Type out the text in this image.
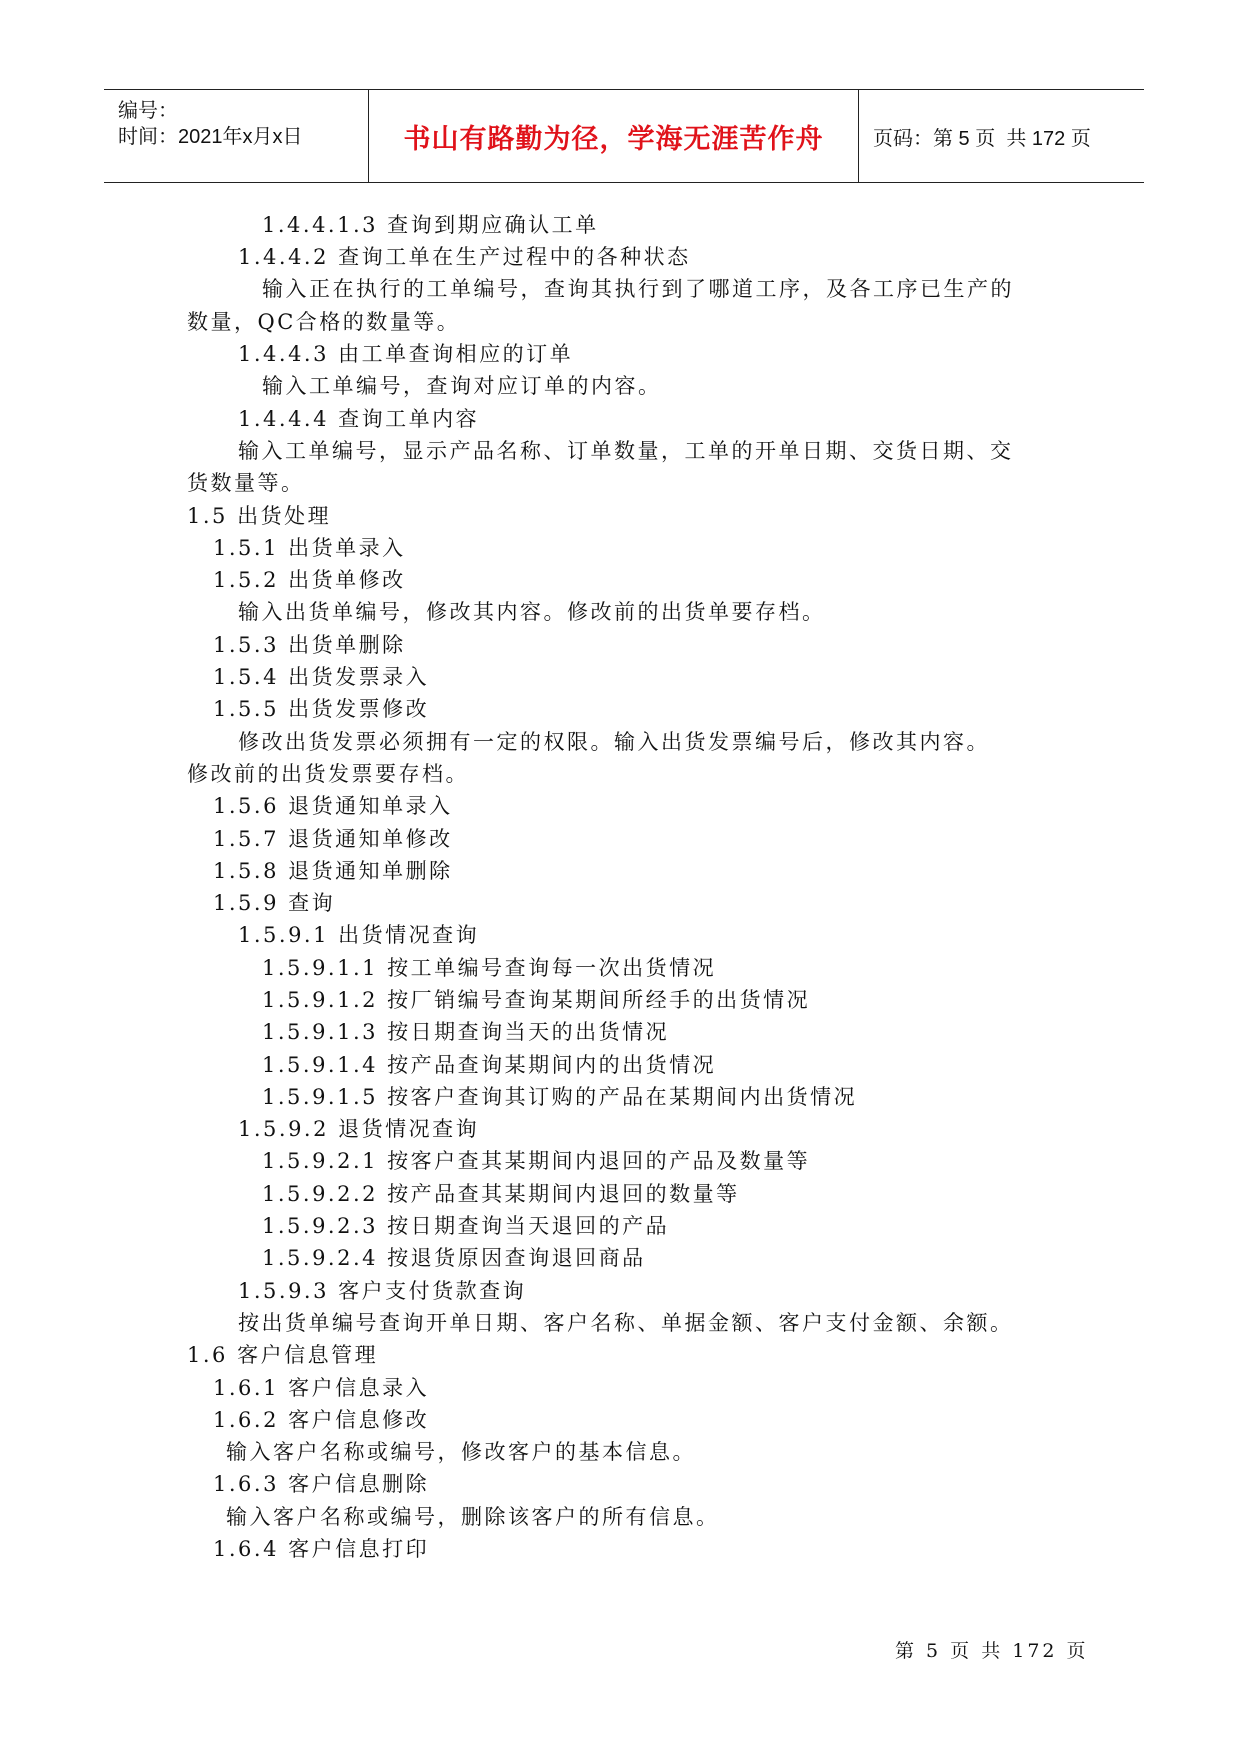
编号：
时间：2021年x月x日	书山有路勤为径，学海无涯苦作舟 页码：第 5 页  共 172 页
1.4.4.1.3 查询到期应确认工单
1.4.4.2 查询工单在生产过程中的各种状态
输入正在执行的工单编号，查询其执行到了哪道工序，及各工序已生产的
数量，QC合格的数量等。
1.4.4.3 由工单查询相应的订单
输入工单编号，查询对应订单的内容。
1.4.4.4 查询工单内容
输入工单编号，显示产品名称、订单数量，工单的开单日期、交货日期、交
货数量等。
1.5 出货处理
1.5.1 出货单录入
1.5.2 出货单修改
输入出货单编号，修改其内容。修改前的出货单要存档。
1.5.3 出货单删除
1.5.4 出货发票录入
1.5.5 出货发票修改
修改出货发票必须拥有一定的权限。输入出货发票编号后，修改其内容。
修改前的出货发票要存档。
1.5.6 退货通知单录入
1.5.7 退货通知单修改
1.5.8 退货通知单删除
1.5.9 查询
1.5.9.1 出货情况查询
1.5.9.1.1 按工单编号查询每一次出货情况
1.5.9.1.2 按厂销编号查询某期间所经手的出货情况
1.5.9.1.3 按日期查询当天的出货情况
1.5.9.1.4 按产品查询某期间内的出货情况
1.5.9.1.5 按客户查询其订购的产品在某期间内出货情况
1.5.9.2 退货情况查询
1.5.9.2.1 按客户查其某期间内退回的产品及数量等
1.5.9.2.2 按产品查其某期间内退回的数量等
1.5.9.2.3 按日期查询当天退回的产品
1.5.9.2.4 按退货原因查询退回商品
1.5.9.3 客户支付货款查询
按出货单编号查询开单日期、客户名称、单据金额、客户支付金额、余额。
1.6 客户信息管理
1.6.1 客户信息录入
1.6.2 客户信息修改
输入客户名称或编号，修改客户的基本信息。
1.6.3 客户信息删除
输入客户名称或编号，删除该客户的所有信息。
1.6.4 客户信息打印
第 5 页 共 172 页
